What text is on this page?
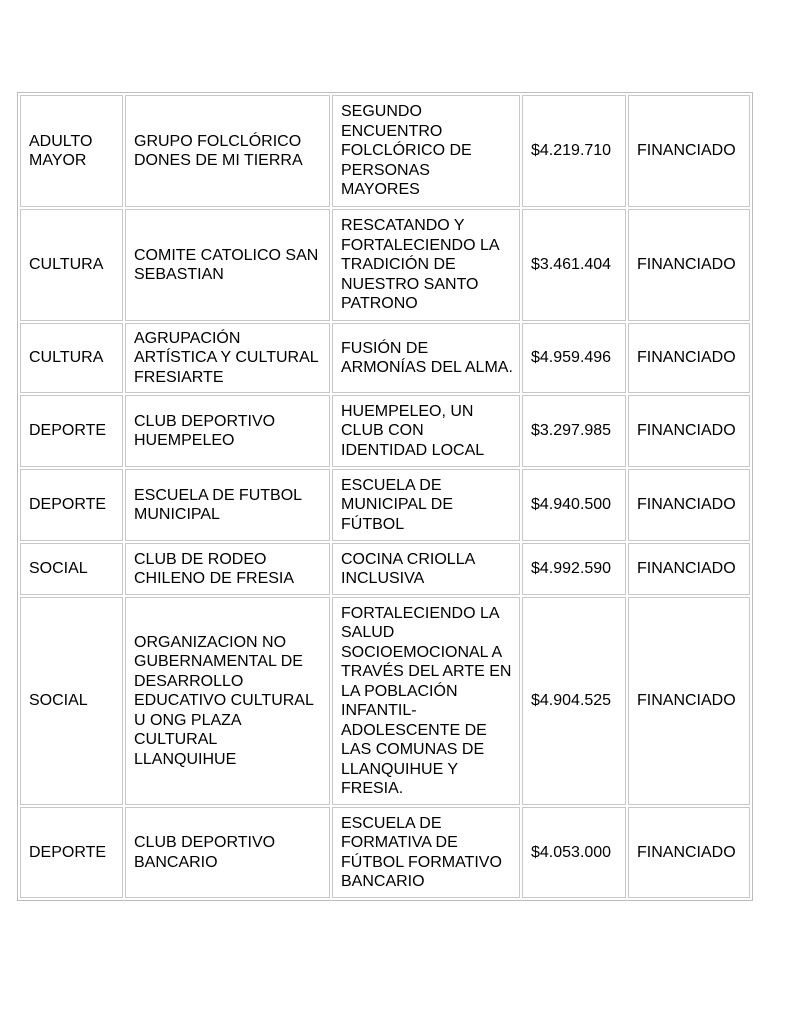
ADULTO MAYOR	GRUPO FOLCLÓRICO DONES DE MI TIERRA	SEGUNDO ENCUENTRO FOLCLÓRICO DE PERSONAS MAYORES	$4.219.710	FINANCIADO
CULTURA	COMITE CATOLICO SAN SEBASTIAN	RESCATANDO Y FORTALECIENDO LA TRADICIÓN DE NUESTRO SANTO PATRONO	$3.461.404	FINANCIADO
CULTURA	AGRUPACIÓN ARTÍSTICA Y CULTURAL FRESIARTE	FUSIÓN DE ARMONÍAS DEL ALMA.	$4.959.496	FINANCIADO
DEPORTE	CLUB DEPORTIVO HUEMPELEO	HUEMPELEO, UN CLUB CON IDENTIDAD LOCAL	$3.297.985	FINANCIADO
DEPORTE	ESCUELA DE FUTBOL MUNICIPAL	ESCUELA DE MUNICIPAL DE FÚTBOL	$4.940.500	FINANCIADO
SOCIAL	CLUB DE RODEO CHILENO DE FRESIA	COCINA CRIOLLA INCLUSIVA	$4.992.590	FINANCIADO
SOCIAL	ORGANIZACION NO GUBERNAMENTAL DE DESARROLLO EDUCATIVO CULTURAL U ONG PLAZA CULTURAL LLANQUIHUE	FORTALECIENDO LA SALUD SOCIOEMOCIONAL A TRAVÉS DEL ARTE EN LA POBLACIÓN INFANTIL-ADOLESCENTE DE LAS COMUNAS DE LLANQUIHUE Y FRESIA.	$4.904.525	FINANCIADO
DEPORTE	CLUB DEPORTIVO BANCARIO	ESCUELA DE FORMATIVA DE FÚTBOL FORMATIVO BANCARIO	$4.053.000	FINANCIADO
